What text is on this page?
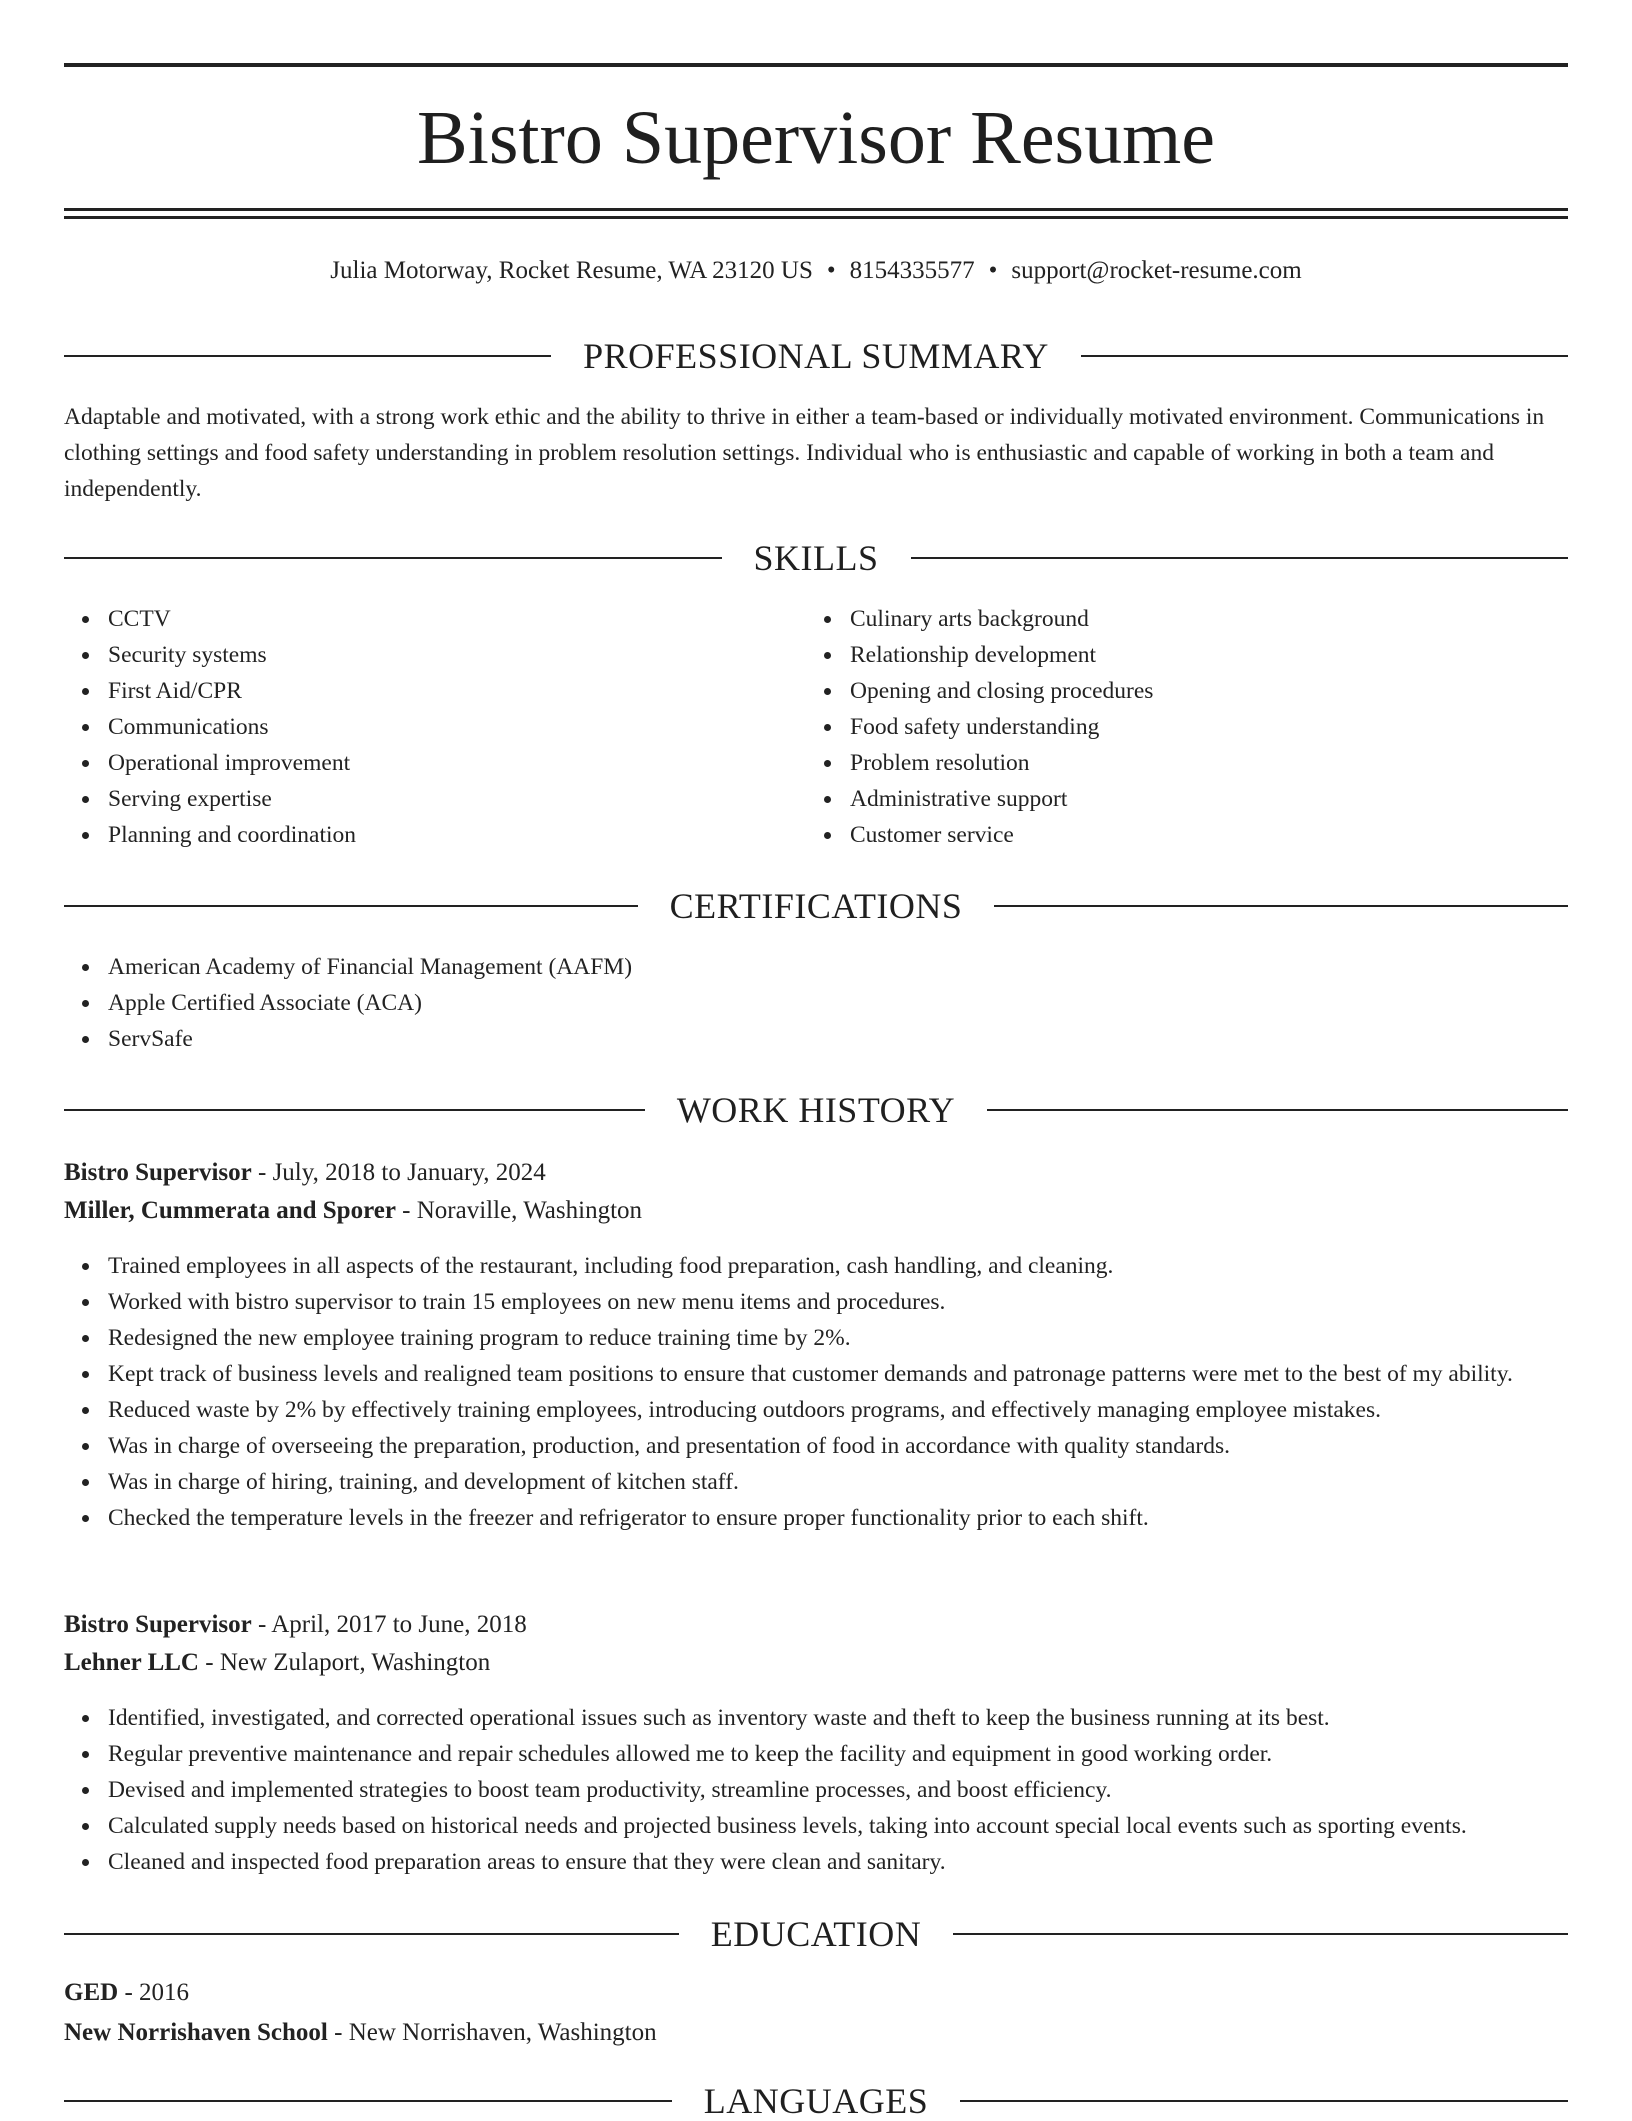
Bistro Supervisor Resume
Julia Motorway, Rocket Resume, WA 23120 US • 8154335577 • support@rocket-resume.com
PROFESSIONAL SUMMARY

Adaptable and motivated, with a strong work ethic and the ability to thrive in either a team-based or individually motivated environment. Communications in clothing settings and food safety understanding in problem resolution settings. Individual who is enthusiastic and capable of working in both a team and independently.

SKILLS
CCTV
Security systems
First Aid/CPR
Communications
Operational improvement
Serving expertise
Planning and coordination
Culinary arts background
Relationship development
Opening and closing procedures
Food safety understanding
Problem resolution
Administrative support
Customer service
CERTIFICATIONS
American Academy of Financial Management (AAFM)
Apple Certified Associate (ACA)
ServSafe
WORK HISTORY
Bistro Supervisor - July, 2018 to January, 2024
Miller, Cummerata and Sporer - Noraville, Washington
Trained employees in all aspects of the restaurant, including food preparation, cash handling, and cleaning.
Worked with bistro supervisor to train 15 employees on new menu items and procedures.
Redesigned the new employee training program to reduce training time by 2%.
Kept track of business levels and realigned team positions to ensure that customer demands and patronage patterns were met to the best of my ability.
Reduced waste by 2% by effectively training employees, introducing outdoors programs, and effectively managing employee mistakes.
Was in charge of overseeing the preparation, production, and presentation of food in accordance with quality standards.
Was in charge of hiring, training, and development of kitchen staff.
Checked the temperature levels in the freezer and refrigerator to ensure proper functionality prior to each shift.
Bistro Supervisor - April, 2017 to June, 2018
Lehner LLC - New Zulaport, Washington
Identified, investigated, and corrected operational issues such as inventory waste and theft to keep the business running at its best.
Regular preventive maintenance and repair schedules allowed me to keep the facility and equipment in good working order.
Devised and implemented strategies to boost team productivity, streamline processes, and boost efficiency.
Calculated supply needs based on historical needs and projected business levels, taking into account special local events such as sporting events.
Cleaned and inspected food preparation areas to ensure that they were clean and sanitary.
EDUCATION
GED - 2016
New Norrishaven School - New Norrishaven, Washington
LANGUAGES
